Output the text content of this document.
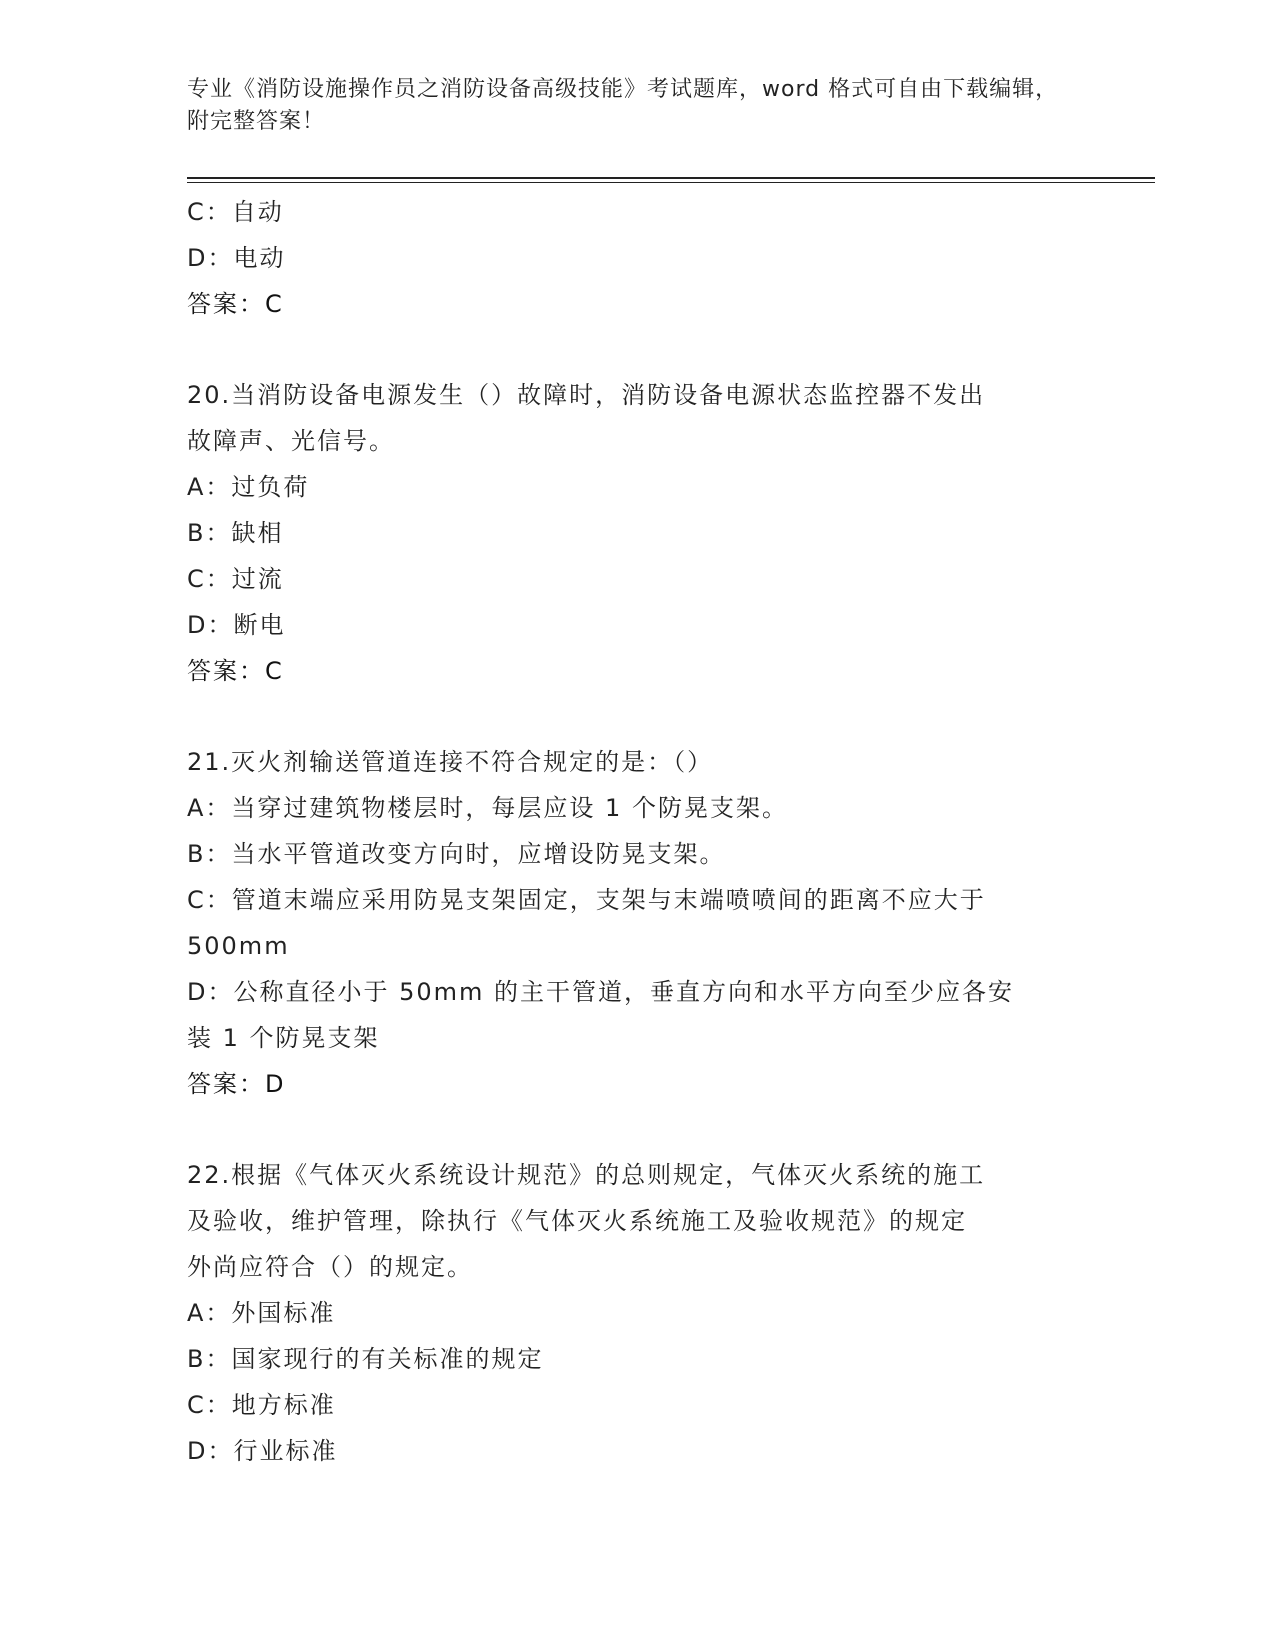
专业《消防设施操作员之消防设备高级技能》考试题库，word 格式可自由下载编辑，附完整答案！
C：自动
D：电动
答案：C
20.当消防设备电源发生（）故障时，消防设备电源状态监控器不发出
故障声、光信号。
A：过负荷
B：缺相
C：过流
D：断电
答案：C
21.灭火剂输送管道连接不符合规定的是：（）
A：当穿过建筑物楼层时，每层应设 1 个防晃支架。
B：当水平管道改变方向时，应增设防晃支架。
C：管道末端应采用防晃支架固定，支架与末端喷喷间的距离不应大于
500mm
D：公称直径小于 50mm 的主干管道，垂直方向和水平方向至少应各安
装 1 个防晃支架
答案：D
22.根据《气体灭火系统设计规范》的总则规定，气体灭火系统的施工
及验收，维护管理，除执行《气体灭火系统施工及验收规范》的规定
外尚应符合（）的规定。
A：外国标准
B：国家现行的有关标准的规定
C：地方标准
D：行业标准
